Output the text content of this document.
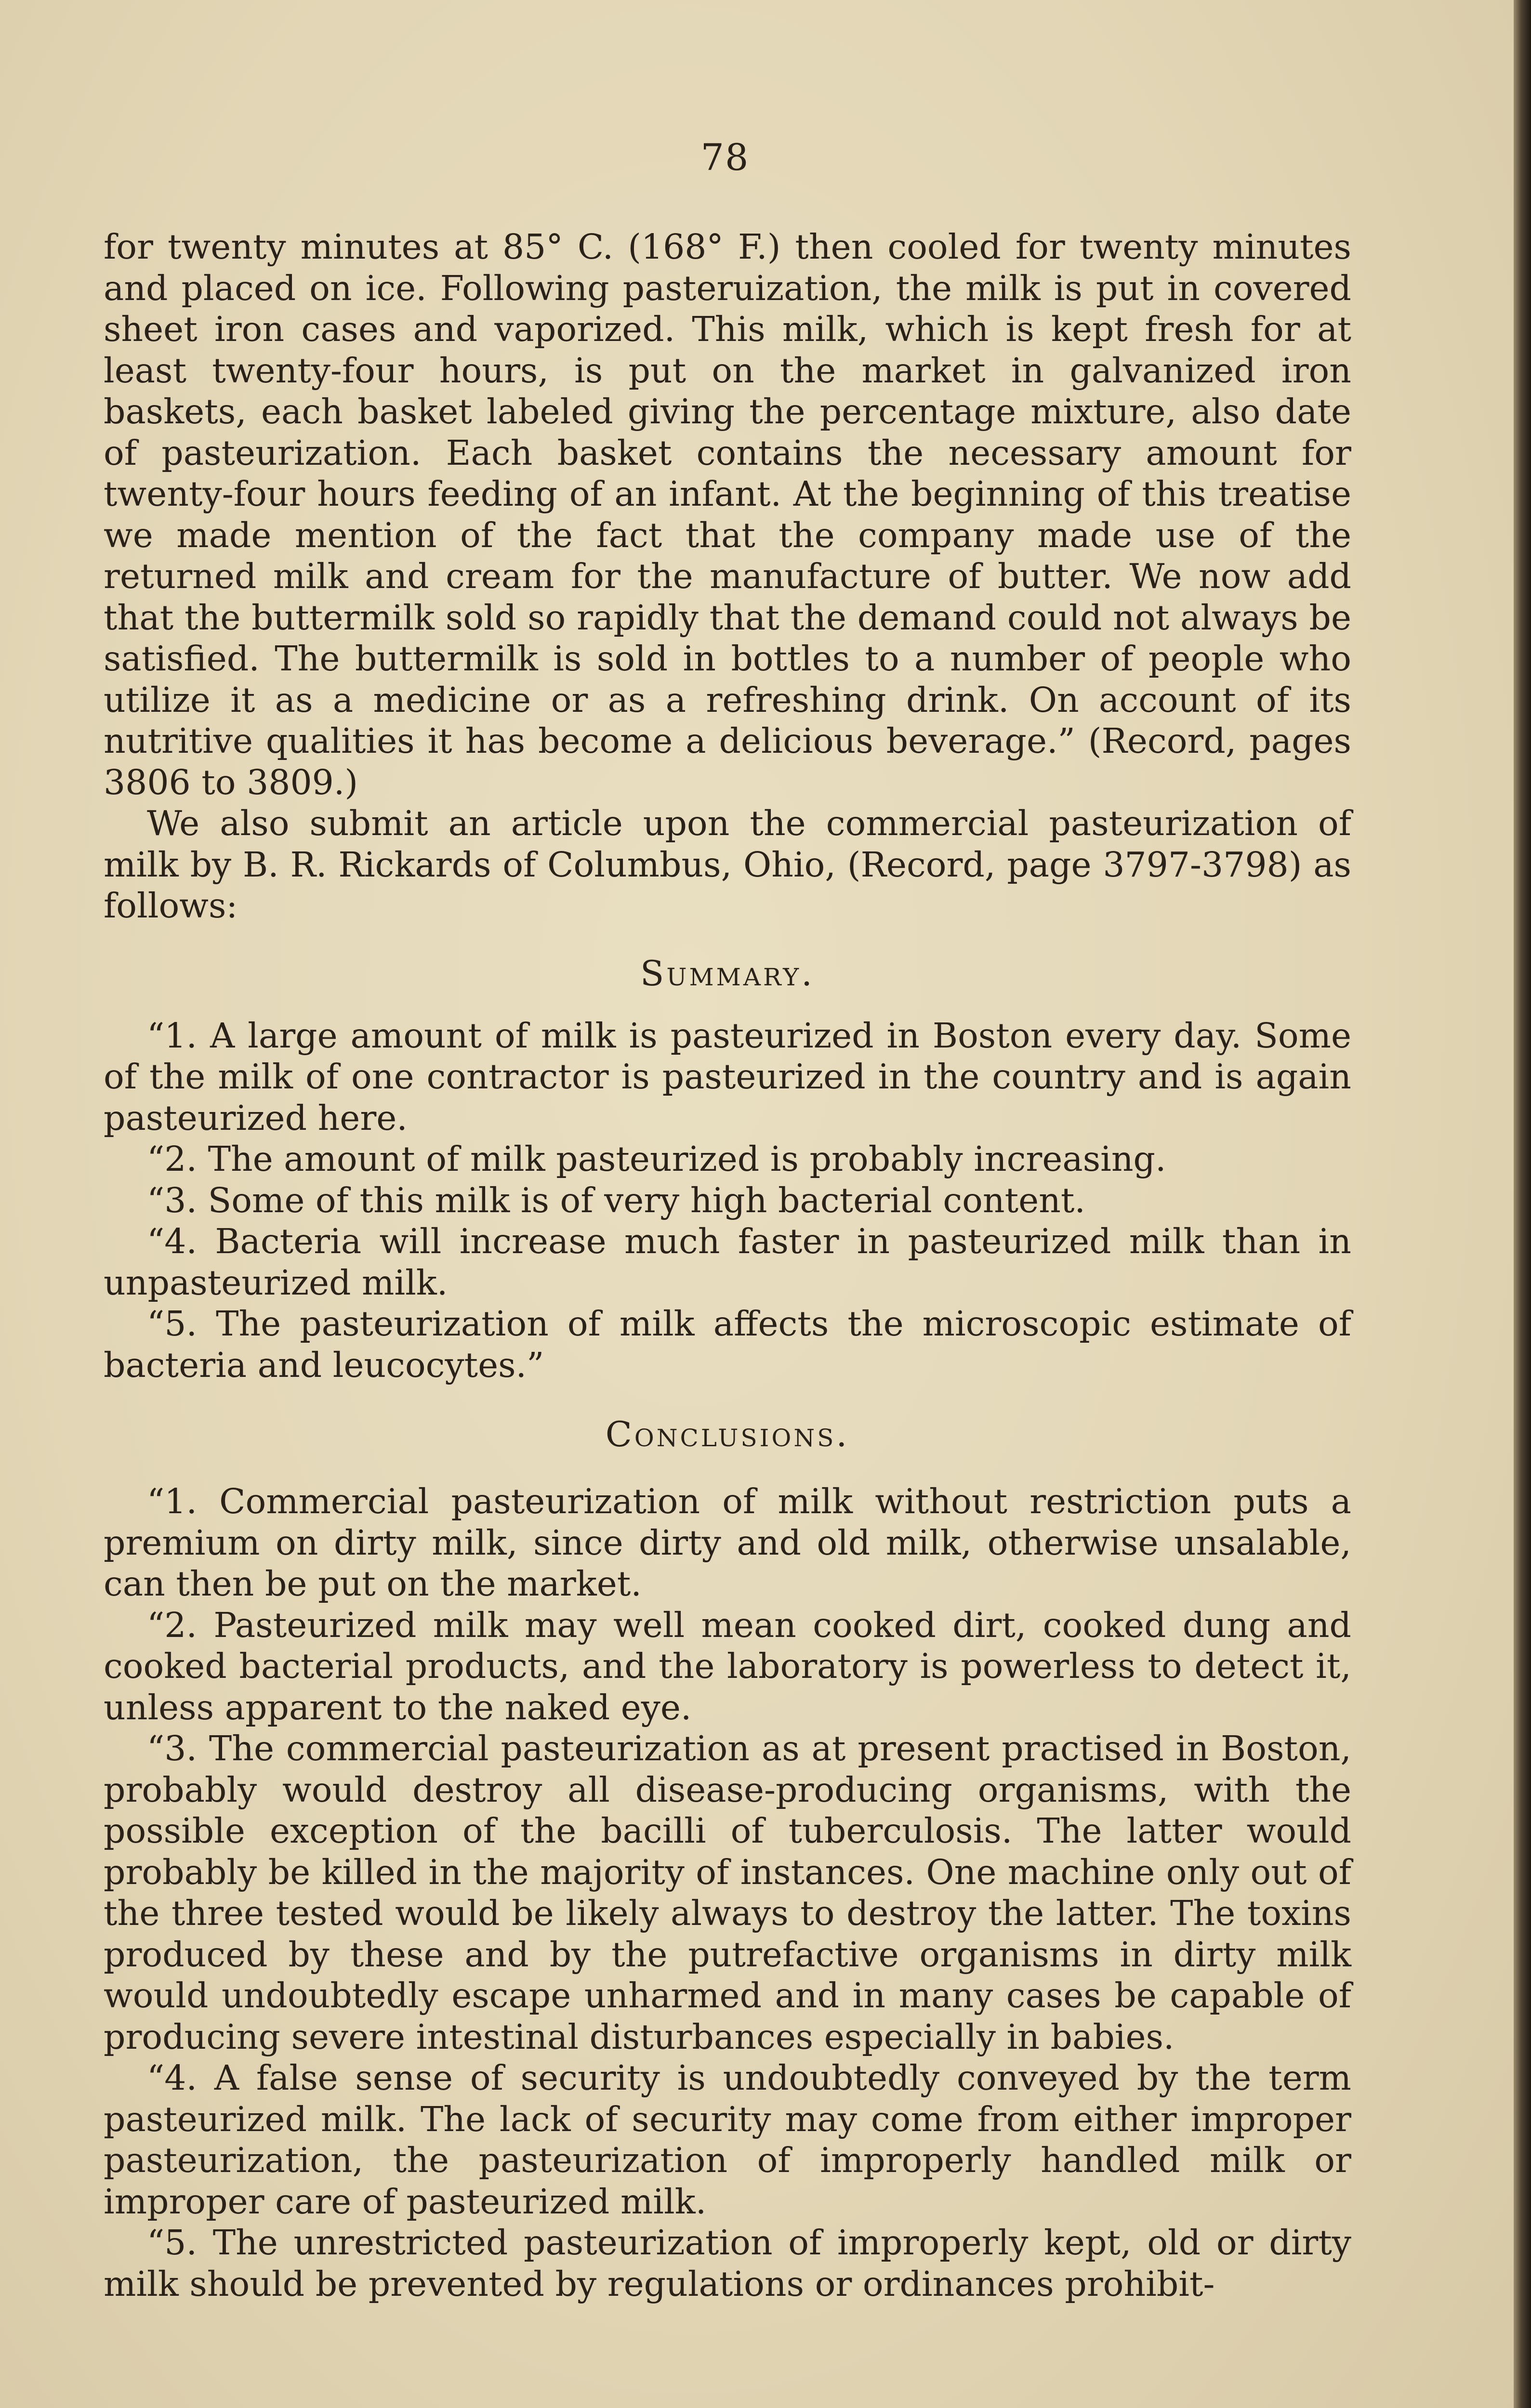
78

for twenty minutes at 85° C. (168° F.) then cooled for twenty minutes and placed on ice. Following pasteruization, the milk is put in covered sheet iron cases and vaporized. This milk, which is kept fresh for at least twenty-four hours, is put on the market in galvanized iron baskets, each basket labeled giving the percentage mixture, also date of pasteurization. Each basket contains the necessary amount for twenty-four hours feeding of an infant. At the beginning of this treatise we made mention of the fact that the company made use of the returned milk and cream for the manufacture of butter. We now add that the buttermilk sold so rapidly that the demand could not always be satisfied. The buttermilk is sold in bottles to a number of people who utilize it as a medicine or as a refreshing drink. On account of its nutritive qualities it has become a delicious beverage.” (Record, pages 3806 to 3809.)

We also submit an article upon the commercial pasteurization of milk by B. R. Rickards of Columbus, Ohio, (Record, page 3797-3798) as follows:

Summary.

“1. A large amount of milk is pasteurized in Boston every day. Some of the milk of one contractor is pasteurized in the country and is again pasteurized here.

“2. The amount of milk pasteurized is probably increasing.

“3. Some of this milk is of very high bacterial content.

“4. Bacteria will increase much faster in pasteurized milk than in unpasteurized milk.

“5. The pasteurization of milk affects the microscopic estimate of bacteria and leucocytes.”

Conclusions.

“1. Commercial pasteurization of milk without restriction puts a premium on dirty milk, since dirty and old milk, otherwise unsalable, can then be put on the market.

“2. Pasteurized milk may well mean cooked dirt, cooked dung and cooked bacterial products, and the laboratory is powerless to detect it, unless apparent to the naked eye.

“3. The commercial pasteurization as at present practised in Boston, probably would destroy all disease-producing organisms, with the possible exception of the bacilli of tuberculosis. The latter would probably be killed in the majority of instances. One machine only out of the three tested would be likely always to destroy the latter. The toxins produced by these and by the putrefactive organisms in dirty milk would undoubtedly escape unharmed and in many cases be capable of producing severe intestinal disturbances especially in babies.

“4. A false sense of security is undoubtedly conveyed by the term pasteurized milk. The lack of security may come from either improper pasteurization, the pasteurization of improperly handled milk or improper care of pasteurized milk.

“5. The unrestricted pasteurization of improperly kept, old or dirty milk should be prevented by regulations or ordinances prohibit-
